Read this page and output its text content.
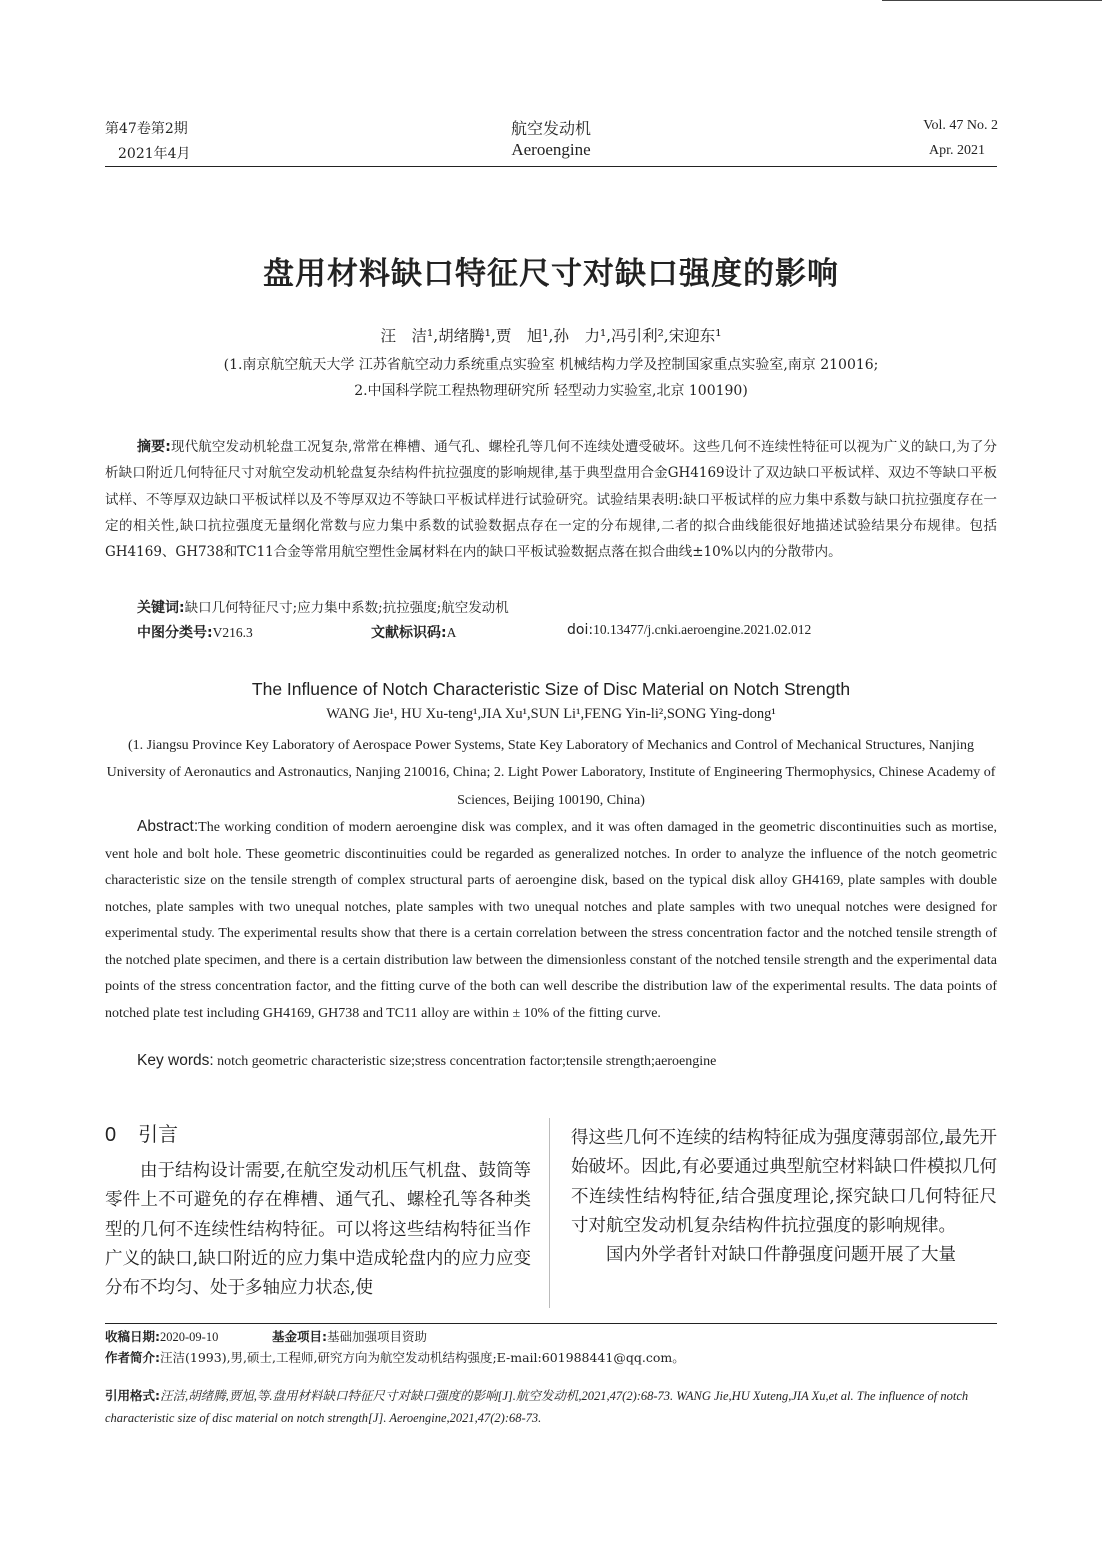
第47卷第2期
2021年4月
航空发动机
Aeroengine
Vol. 47 No. 2
Apr. 2021
盘用材料缺口特征尺寸对缺口强度的影响
汪　洁¹,胡绪腾¹,贾　旭¹,孙　力¹,冯引利²,宋迎东¹
(1.南京航空航天大学 江苏省航空动力系统重点实验室 机械结构力学及控制国家重点实验室,南京 210016;
2.中国科学院工程热物理研究所 轻型动力实验室,北京 100190)
摘要:现代航空发动机轮盘工况复杂,常常在榫槽、通气孔、螺栓孔等几何不连续处遭受破坏。这些几何不连续性特征可以视为广义的缺口,为了分析缺口附近几何特征尺寸对航空发动机轮盘复杂结构件抗拉强度的影响规律,基于典型盘用合金GH4169设计了双边缺口平板试样、双边不等缺口平板试样、不等厚双边缺口平板试样以及不等厚双边不等缺口平板试样进行试验研究。试验结果表明:缺口平板试样的应力集中系数与缺口抗拉强度存在一定的相关性,缺口抗拉强度无量纲化常数与应力集中系数的试验数据点存在一定的分布规律,二者的拟合曲线能很好地描述试验结果分布规律。包括GH4169、GH738和TC11合金等常用航空塑性金属材料在内的缺口平板试验数据点落在拟合曲线±10%以内的分散带内。
关键词:缺口几何特征尺寸;应力集中系数;抗拉强度;航空发动机
中图分类号:V216.3	文献标识码:A	doi:10.13477/j.cnki.aeroengine.2021.02.012
The Influence of Notch Characteristic Size of Disc Material on Notch Strength
WANG Jie¹, HU Xu-teng¹,JIA Xu¹,SUN Li¹,FENG Yin-li²,SONG Ying-dong¹
(1. Jiangsu Province Key Laboratory of Aerospace Power Systems, State Key Laboratory of Mechanics and Control of Mechanical Structures, Nanjing University of Aeronautics and Astronautics, Nanjing 210016, China; 2. Light Power Laboratory, Institute of Engineering Thermophysics, Chinese Academy of Sciences, Beijing 100190, China)
Abstract:The working condition of modern aeroengine disk was complex, and it was often damaged in the geometric discontinuities such as mortise, vent hole and bolt hole. These geometric discontinuities could be regarded as generalized notches. In order to analyze the influence of the notch geometric characteristic size on the tensile strength of complex structural parts of aeroengine disk, based on the typical disk alloy GH4169, plate samples with double notches, plate samples with two unequal notches, plate samples with two unequal notches and plate samples with two unequal notches were designed for experimental study. The experimental results show that there is a certain correlation between the stress concentration factor and the notched tensile strength of the notched plate specimen, and there is a certain distribution law between the dimensionless constant of the notched tensile strength and the experimental data points of the stress concentration factor, and the fitting curve of the both can well describe the distribution law of the experimental results. The data points of notched plate test including GH4169, GH738 and TC11 alloy are within ± 10% of the fitting curve.
Key words: notch geometric characteristic size;stress concentration factor;tensile strength;aeroengine
0 引言
由于结构设计需要,在航空发动机压气机盘、鼓筒等零件上不可避免的存在榫槽、通气孔、螺栓孔等各种类型的几何不连续性结构特征。可以将这些结构特征当作广义的缺口,缺口附近的应力集中造成轮盘内的应力应变分布不均匀、处于多轴应力状态,使
得这些几何不连续的结构特征成为强度薄弱部位,最先开始破坏。因此,有必要通过典型航空材料缺口件模拟几何不连续性结构特征,结合强度理论,探究缺口几何特征尺寸对航空发动机复杂结构件抗拉强度的影响规律。
国内外学者针对缺口件静强度问题开展了大量
收稿日期:2020-09-10	基金项目:基础加强项目资助
作者简介:汪洁(1993),男,硕士,工程师,研究方向为航空发动机结构强度;E-mail:601988441@qq.com。
引用格式:汪洁,胡绪腾,贾旭,等.盘用材料缺口特征尺寸对缺口强度的影响[J].航空发动机,2021,47(2):68-73. WANG Jie,HU Xuteng,JIA Xu,et al. The influence of notch characteristic size of disc material on notch strength[J]. Aeroengine,2021,47(2):68-73.
